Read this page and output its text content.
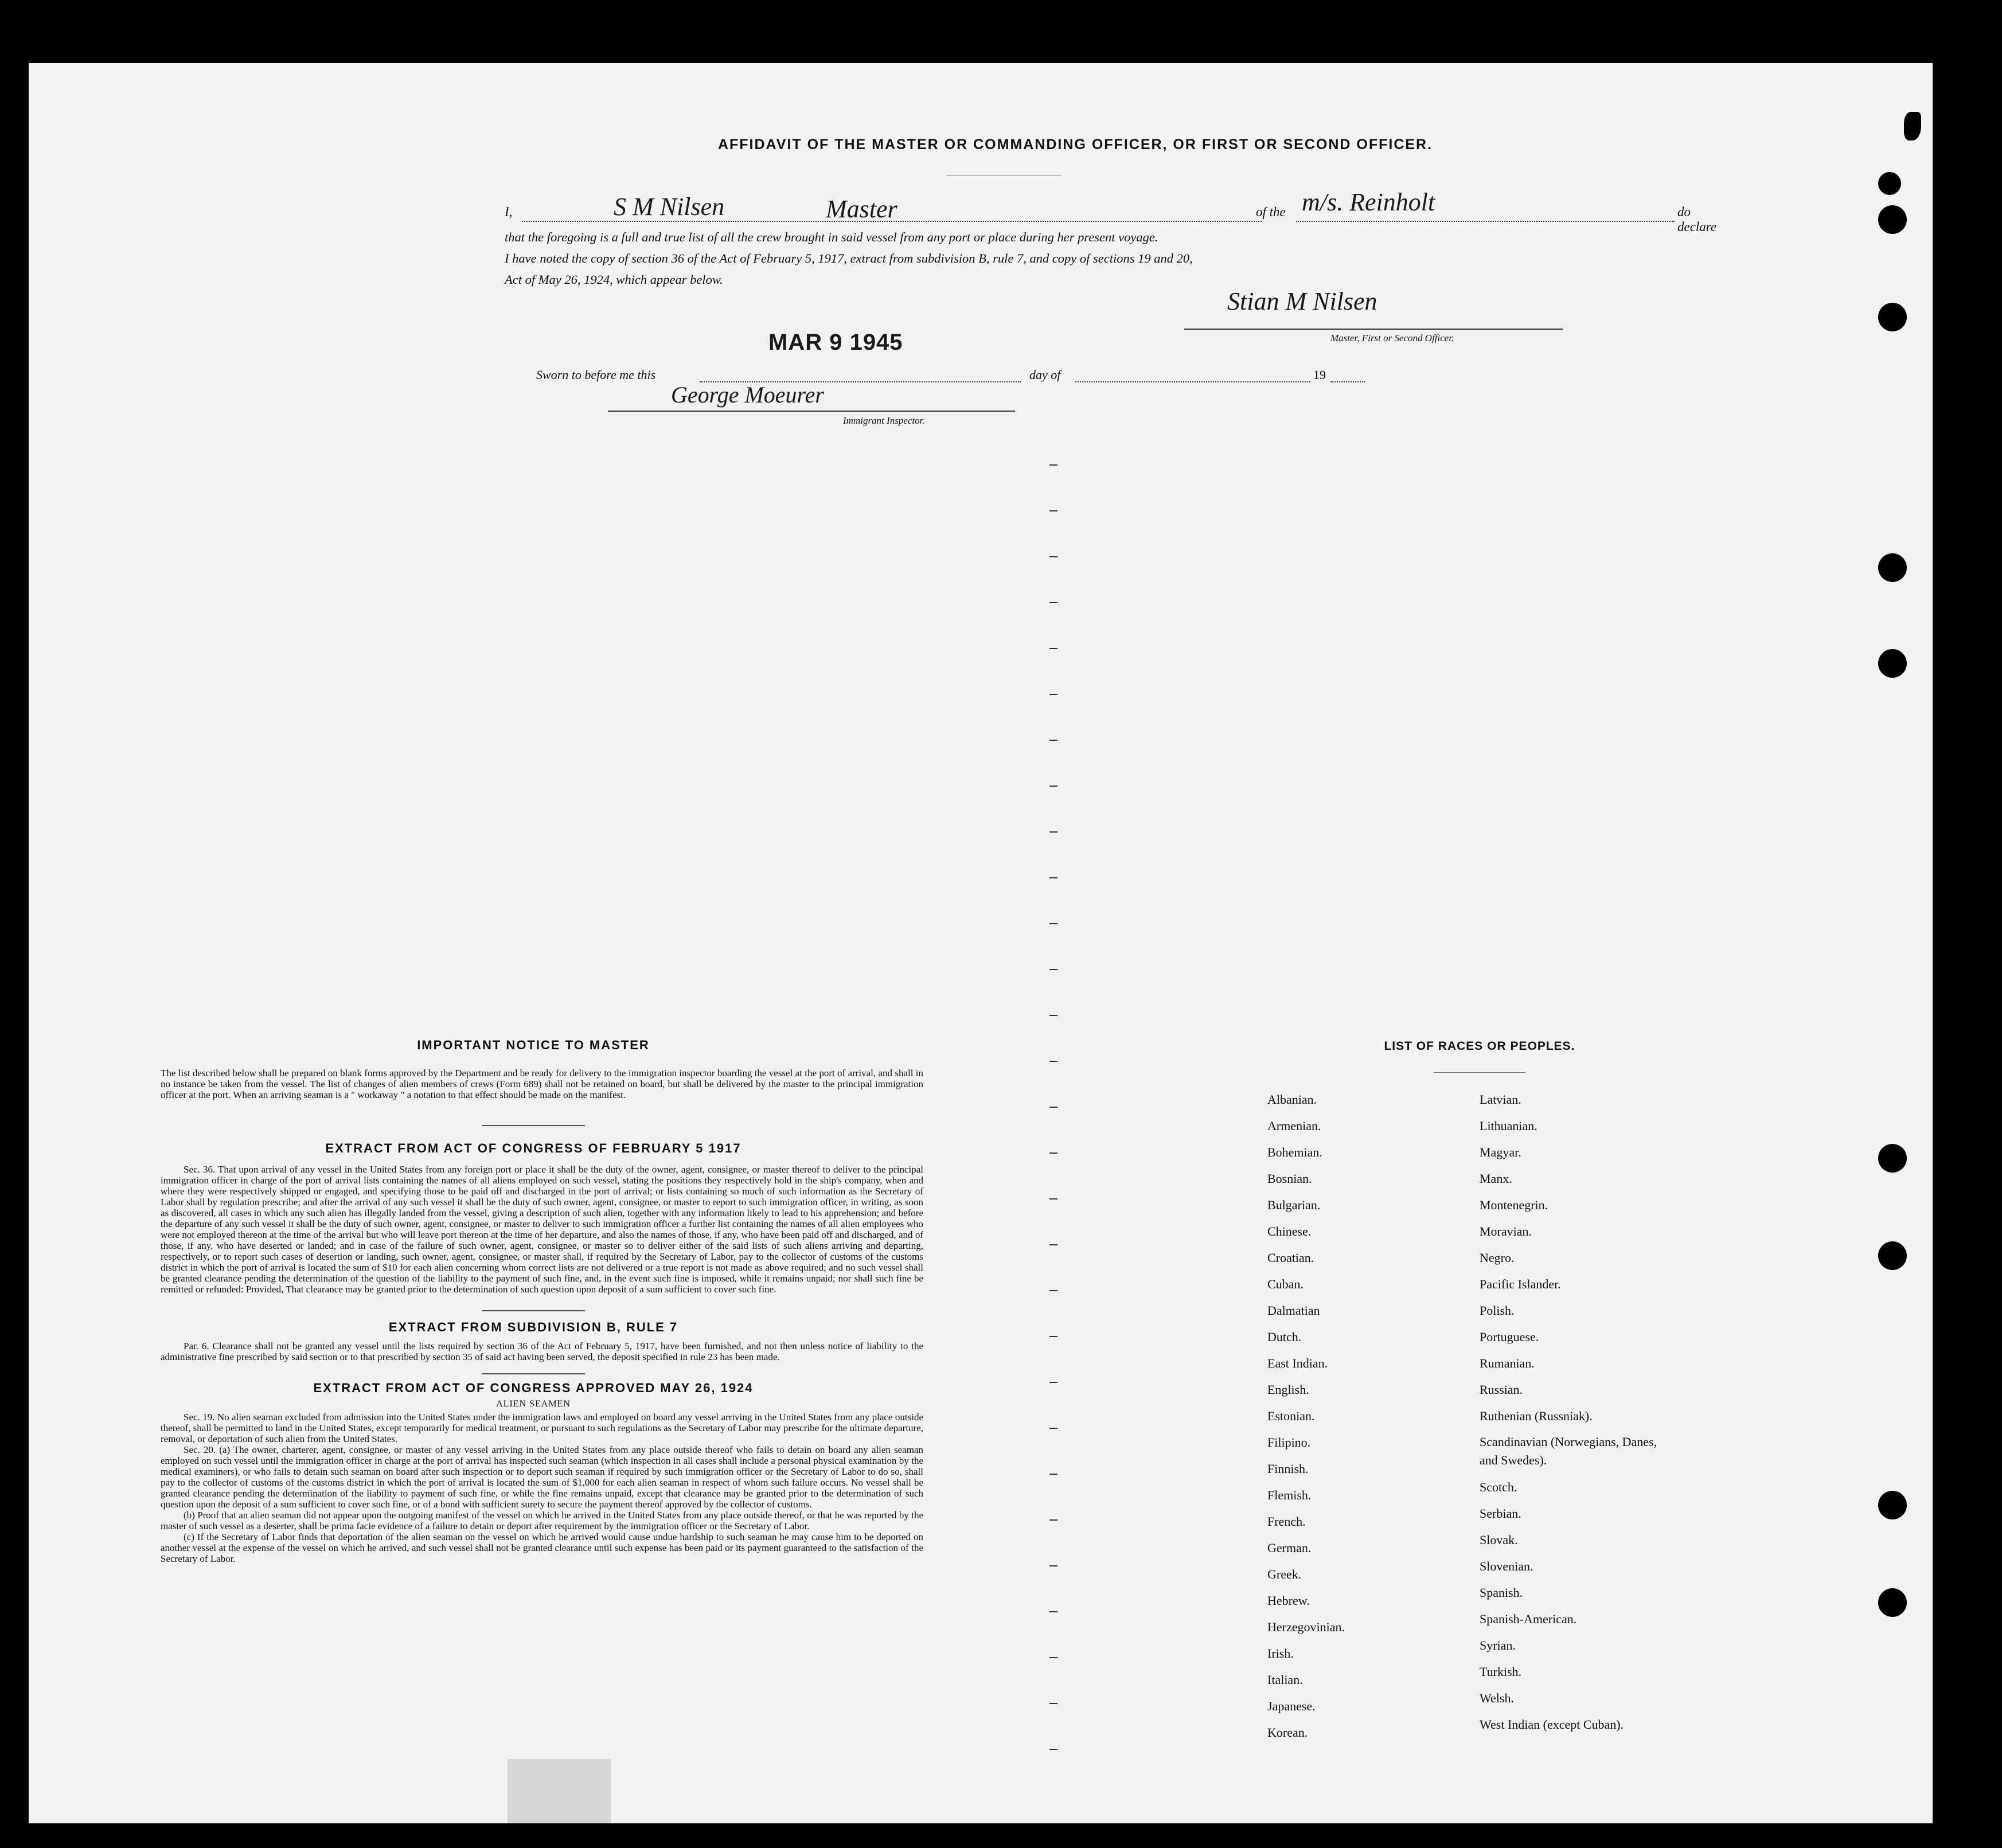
AFFIDAVIT OF THE MASTER OR COMMANDING OFFICER, OR FIRST OR SECOND OFFICER.
I,	S M Nilsen	Master	of the m/s. Reinholt	do declare
that the foregoing is a full and true list of all the crew brought in said vessel from any port or place during her present voyage.
I have noted the copy of section 36 of the Act of February 5, 1917, extract from subdivision B, rule 7, and copy of sections 19 and 20,
Act of May 26, 1924, which appear below.
Stian M Nilsen
Master, First or Second Officer.
MAR 9 1945
Sworn to before me this	day of	19
George Moeurer
Immigrant Inspector.
IMPORTANT NOTICE TO MASTER
The list described below shall be prepared on blank forms approved by the Department and be ready for delivery to the immigration inspector boarding the vessel at the port of arrival, and shall in no instance be taken from the vessel. The list of changes of alien members of crews (Form 689) shall not be retained on board, but shall be delivered by the master to the principal immigration officer at the port. When an arriving seaman is a " workaway " a notation to that effect should be made on the manifest.
EXTRACT FROM ACT OF CONGRESS OF FEBRUARY 5 1917
Sec. 36. That upon arrival of any vessel in the United States from any foreign port or place it shall be the duty of the owner, agent, consignee, or master thereof to deliver to the principal immigration officer in charge of the port of arrival lists containing the names of all aliens employed on such vessel, stating the positions they respectively hold in the ship's company, when and where they were respectively shipped or engaged, and specifying those to be paid off and discharged in the port of arrival; or lists containing so much of such information as the Secretary of Labor shall by regulation prescribe; and after the arrival of any such vessel it shall be the duty of such owner, agent, consignee, or master to report to such immigration officer, in writing, as soon as discovered, all cases in which any such alien has illegally landed from the vessel, giving a description of such alien, together with any information likely to lead to his apprehension; and before the departure of any such vessel it shall be the duty of such owner, agent, consignee, or master to deliver to such immigration officer a further list containing the names of all alien employees who were not employed thereon at the time of the arrival but who will leave port thereon at the time of her departure, and also the names of those, if any, who have been paid off and discharged, and of those, if any, who have deserted or landed; and in case of the failure of such owner, agent, consignee, or master so to deliver either of the said lists of such aliens arriving and departing, respectively, or to report such cases of desertion or landing, such owner, agent, consignee, or master shall, if required by the Secretary of Labor, pay to the collector of customs of the customs district in which the port of arrival is located the sum of $10 for each alien concerning whom correct lists are not delivered or a true report is not made as above required; and no such vessel shall be granted clearance pending the determination of the question of the liability to the payment of such fine, and, in the event such fine is imposed, while it remains unpaid; nor shall such fine be remitted or refunded: Provided, That clearance may be granted prior to the determination of such question upon deposit of a sum sufficient to cover such fine.
EXTRACT FROM SUBDIVISION B, RULE 7
Par. 6. Clearance shall not be granted any vessel until the lists required by section 36 of the Act of February 5, 1917, have been furnished, and not then unless notice of liability to the administrative fine prescribed by said section or to that prescribed by section 35 of said act having been served, the deposit specified in rule 23 has been made.
EXTRACT FROM ACT OF CONGRESS APPROVED MAY 26, 1924
ALIEN SEAMEN
Sec. 19. No alien seaman excluded from admission into the United States under the immigration laws and employed on board any vessel arriving in the United States from any place outside thereof, shall be permitted to land in the United States, except temporarily for medical treatment, or pursuant to such regulations as the Secretary of Labor may prescribe for the ultimate departure, removal, or deportation of such alien from the United States.
Sec. 20. (a) The owner, charterer, agent, consignee, or master of any vessel arriving in the United States from any place outside thereof who fails to detain on board any alien seaman employed on such vessel until the immigration officer in charge at the port of arrival has inspected such seaman (which inspection in all cases shall include a personal physical examination by the medical examiners), or who fails to detain such seaman on board after such inspection or to deport such seaman if required by such immigration officer or the Secretary of Labor to do so, shall pay to the collector of customs of the customs district in which the port of arrival is located the sum of $1,000 for each alien seaman in respect of whom such failure occurs. No vessel shall be granted clearance pending the determination of the liability to payment of such fine, or while the fine remains unpaid, except that clearance may be granted prior to the determination of such question upon the deposit of a sum sufficient to cover such fine, or of a bond with sufficient surety to secure the payment thereof approved by the collector of customs.
(b) Proof that an alien seaman did not appear upon the outgoing manifest of the vessel on which he arrived in the United States from any place outside thereof, or that he was reported by the master of such vessel as a deserter, shall be prima facie evidence of a failure to detain or deport after requirement by the immigration officer or the Secretary of Labor.
(c) If the Secretary of Labor finds that deportation of the alien seaman on the vessel on which he arrived would cause undue hardship to such seaman he may cause him to be deported on another vessel at the expense of the vessel on which he arrived, and such vessel shall not be granted clearance until such expense has been paid or its payment guaranteed to the satisfaction of the Secretary of Labor.
LIST OF RACES OR PEOPLES.
Albanian.
Armenian.
Bohemian.
Bosnian.
Bulgarian.
Chinese.
Croatian.
Cuban.
Dalmatian
Dutch.
East Indian.
English.
Estonian.
Filipino.
Finnish.
Flemish.
French.
German.
Greek.
Hebrew.
Herzegovinian.
Irish.
Italian.
Japanese.
Korean.
Latvian.
Lithuanian.
Magyar.
Manx.
Montenegrin.
Moravian.
Negro.
Pacific Islander.
Polish.
Portuguese.
Rumanian.
Russian.
Ruthenian (Russniak).
Scandinavian (Norwegians, Danes, and Swedes).
Scotch.
Serbian.
Slovak.
Slovenian.
Spanish.
Spanish-American.
Syrian.
Turkish.
Welsh.
West Indian (except Cuban).
